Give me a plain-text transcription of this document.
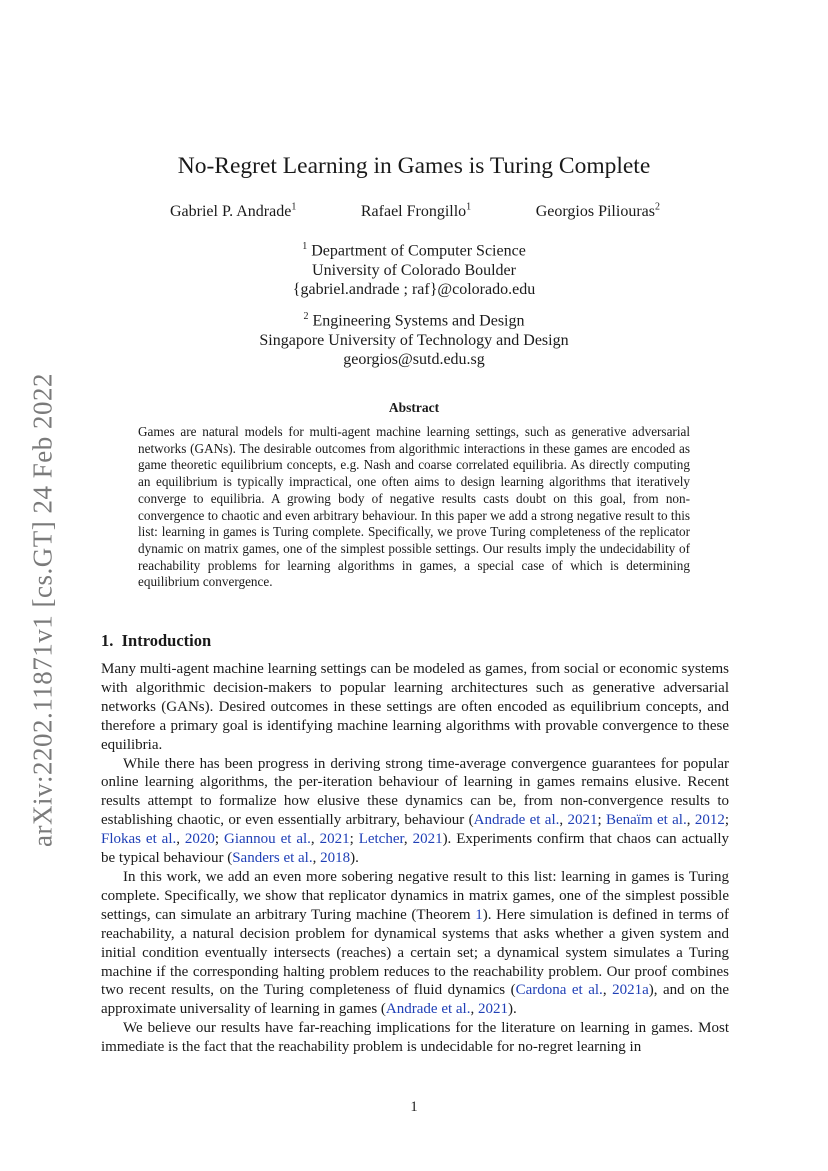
arXiv:2202.11871v1 [cs.GT] 24 Feb 2022
No-Regret Learning in Games is Turing Complete
Gabriel P. Andrade$^1$	Rafael Frongillo$^1$	Georgios Piliouras$^2$
$^1$ Department of Computer Science
University of Colorado Boulder
{gabriel.andrade ; raf}@colorado.edu
$^2$ Engineering Systems and Design
Singapore University of Technology and Design
georgios@sutd.edu.sg
Abstract
Games are natural models for multi-agent machine learning settings, such as generative adversarial networks (GANs). The desirable outcomes from algorithmic interactions in these games are encoded as game theoretic equilibrium concepts, e.g. Nash and coarse correlated equilibria. As directly computing an equilibrium is typically impractical, one often aims to design learning algorithms that iteratively converge to equilibria. A growing body of negative results casts doubt on this goal, from non-convergence to chaotic and even arbitrary behaviour. In this paper we add a strong negative result to this list: learning in games is Turing complete. Specifically, we prove Turing completeness of the replicator dynamic on matrix games, one of the simplest possible settings. Our results imply the undecidability of reachability problems for learning algorithms in games, a special case of which is determining equilibrium convergence.
1. Introduction

Many multi-agent machine learning settings can be modeled as games, from social or economic systems with algorithmic decision-makers to popular learning architectures such as generative adversarial networks (GANs). Desired outcomes in these settings are often encoded as equilibrium concepts, and therefore a primary goal is identifying machine learning algorithms with provable convergence to these equilibria.

While there has been progress in deriving strong time-average convergence guarantees for popular online learning algorithms, the per-iteration behaviour of learning in games remains elusive. Recent results attempt to formalize how elusive these dynamics can be, from non-convergence results to establishing chaotic, or even essentially arbitrary, behaviour (Andrade et al., 2021; Benaïm et al., 2012; Flokas et al., 2020; Giannou et al., 2021; Letcher, 2021). Experiments confirm that chaos can actually be typical behaviour (Sanders et al., 2018).

In this work, we add an even more sobering negative result to this list: learning in games is Turing complete. Specifically, we show that replicator dynamics in matrix games, one of the simplest possible settings, can simulate an arbitrary Turing machine (Theorem 1). Here simulation is defined in terms of reachability, a natural decision problem for dynamical systems that asks whether a given system and initial condition eventually intersects (reaches) a certain set; a dynamical system simulates a Turing machine if the corresponding halting problem reduces to the reachability problem. Our proof combines two recent results, on the Turing completeness of fluid dynamics (Cardona et al., 2021a), and on the approximate universality of learning in games (Andrade et al., 2021).

We believe our results have far-reaching implications for the literature on learning in games. Most immediate is the fact that the reachability problem is undecidable for no-regret learning in

1
